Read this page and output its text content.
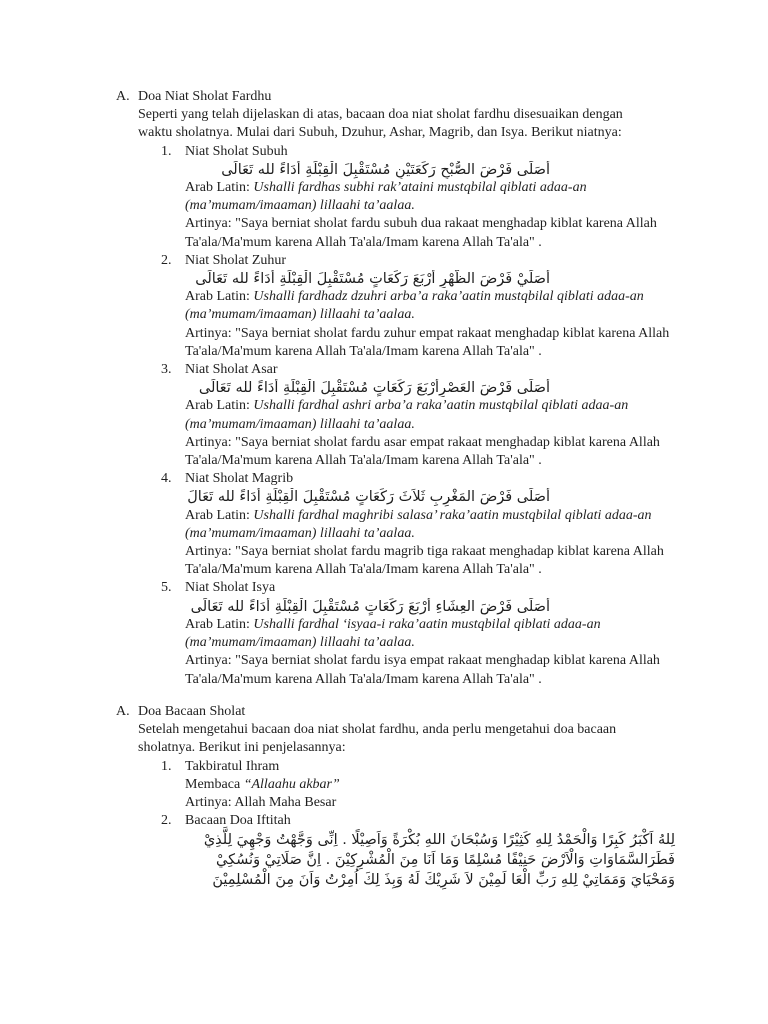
A. Doa Niat Sholat Fardhu
Seperti yang telah dijelaskan di atas, bacaan doa niat sholat fardhu disesuaikan dengan waktu sholatnya. Mulai dari Subuh, Dzuhur, Ashar, Magrib, dan Isya. Berikut niatnya:
1. Niat Sholat Subuh
أُصَلِّى فَرْضَ الصُّبْحِ رَكَعَتَيْنِ مُسْتَقْبِلَ الْقِبْلَةِ أَدَاءً لله تَعَالَى
Arab Latin: Ushalli fardhas subhi rak’ataini mustqbilal qiblati adaa-an (ma’mumam/imaaman) lillaahi ta’aalaa.
Artinya: "Saya berniat sholat fardu subuh dua rakaat menghadap kiblat karena Allah Ta'ala/Ma'mum karena Allah Ta'ala/Imam karena Allah Ta'ala" .
2. Niat Sholat Zuhur
أُصَلِّيْ فَرْضَ الظُّهْرِ أَرْبَعَ رَكَعَاتٍ مُسْتَقْبِلَ الْقِبْلَةِ أَدَاءً لله تَعَالَى
Arab Latin: Ushalli fardhadz dzuhri arba’a raka’aatin mustqbilal qiblati adaa-an (ma’mumam/imaaman) lillaahi ta’aalaa.
Artinya: "Saya berniat sholat fardu zuhur empat rakaat menghadap kiblat karena Allah Ta'ala/Ma'mum karena Allah Ta'ala/Imam karena Allah Ta'ala" .
3. Niat Sholat Asar
أُصَلِّى فَرْضَ العَصْرِأَرْبَعَ رَكَعَاتٍ مُسْتَقْبِلَ الْقِبْلَةِ أَدَاءً لله تَعَالَى
Arab Latin: Ushalli fardhal ashri arba’a raka’aatin mustqbilal qiblati adaa-an (ma’mumam/imaaman) lillaahi ta’aalaa.
Artinya: "Saya berniat sholat fardu asar empat rakaat menghadap kiblat karena Allah Ta'ala/Ma'mum karena Allah Ta'ala/Imam karena Allah Ta'ala" .
4. Niat Sholat Magrib
أُصَلِّى فَرْضَ المَغْرِبِ ثَلاَثَ رَكَعَاتٍ مُسْتَقْبِلَ الْقِبْلَةِ أَدَاءً لله تَعَالَ
Arab Latin: Ushalli fardhal maghribi salasa’ raka’aatin mustqbilal qiblati adaa-an (ma’mumam/imaaman) lillaahi ta’aalaa.
Artinya: "Saya berniat sholat fardu magrib tiga rakaat menghadap kiblat karena Allah Ta'ala/Ma'mum karena Allah Ta'ala/Imam karena Allah Ta'ala" .
5. Niat Sholat Isya
أُصَلِّى فَرْضَ العِشَاءِ أَرْبَعَ رَكَعَاتٍ مُسْتَقْبِلَ الْقِبْلَةِ أَدَاءً لله تَعَالَى
Arab Latin: Ushalli fardhal ‘isyaa-i raka’aatin mustqbilal qiblati adaa-an (ma’mumam/imaaman) lillaahi ta’aalaa.
Artinya: "Saya berniat sholat fardu isya empat rakaat menghadap kiblat karena Allah Ta'ala/Ma'mum karena Allah Ta'ala/Imam karena Allah Ta'ala" .
A. Doa Bacaan Sholat
Setelah mengetahui bacaan doa niat sholat fardhu, anda perlu mengetahui doa bacaan sholatnya. Berikut ini penjelasannya:
1. Takbiratul Ihram
Membaca “Allaahu akbar”
Artinya: Allah Maha Besar
2. Bacaan Doa Iftitah
لِلهُ اَكْبَرُ كَبِرًا وَالْحَمْدُ لِلهِ كَثِيْرًا وَسُبْحَانَ اللهِ بُكْرَةً وَاَصِيْلًا . اِنِّى وَجَّهْتُ وَجْهِيَ لِلَّذِيْ فَطَرَالسَّمَاوَاتِ وَالْاَرْضَ حَنِيْفًا مُسْلِمًا وَمَا اَنَا مِنَ الْمُشْرِكِيْنَ . اِنَّ صَلَاتِيْ وَنُسُكِيْ وَمَحْيَايَ وَمَمَاتِيْ لِلهِ رَبِّ الْعَا لَمِيْنَ لاَ شَرِيْكَ لَهُ وَبِذَ لِكَ اُمِرْتُ وَاَنَ مِنَ الْمُسْلِمِيْنَ
